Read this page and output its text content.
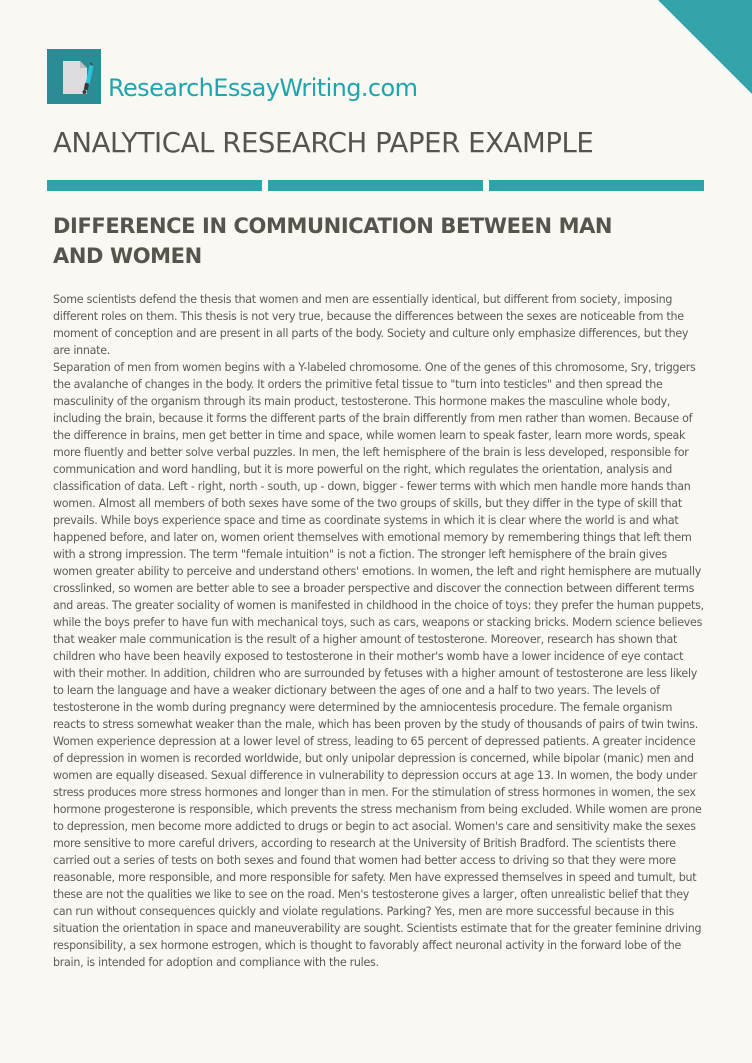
ResearchEssayWriting.com
ANALYTICAL RESEARCH PAPER EXAMPLE
DIFFERENCE IN COMMUNICATION BETWEEN MAN AND WOMEN

Some scientists defend the thesis that women and men are essentially identical, but different from society, imposing different roles on them. This thesis is not very true, because the differences between the sexes are noticeable from the moment of conception and are present in all parts of the body. Society and culture only emphasize differences, but they are innate.

Separation of men from women begins with a Y-labeled chromosome. One of the genes of this chromosome, Sry, triggers the avalanche of changes in the body. It orders the primitive fetal tissue to "turn into testicles" and then spread the masculinity of the organism through its main product, testosterone. This hormone makes the masculine whole body, including the brain, because it forms the different parts of the brain differently from men rather than women. Because of the difference in brains, men get better in time and space, while women learn to speak faster, learn more words, speak more fluently and better solve verbal puzzles. In men, the left hemisphere of the brain is less developed, responsible for communication and word handling, but it is more powerful on the right, which regulates the orientation, analysis and classification of data. Left - right, north - south, up - down, bigger - fewer terms with which men handle more hands than women. Almost all members of both sexes have some of the two groups of skills, but they differ in the type of skill that prevails. While boys experience space and time as coordinate systems in which it is clear where the world is and what happened before, and later on, women orient themselves with emotional memory by remembering things that left them with a strong impression. The term "female intuition" is not a fiction. The stronger left hemisphere of the brain gives women greater ability to perceive and understand others' emotions. In women, the left and right hemisphere are mutually crosslinked, so women are better able to see a broader perspective and discover the connection between different terms and areas. The greater sociality of women is manifested in childhood in the choice of toys: they prefer the human puppets, while the boys prefer to have fun with mechanical toys, such as cars, weapons or stacking bricks. Modern science believes that weaker male communication is the result of a higher amount of testosterone. Moreover, research has shown that children who have been heavily exposed to testosterone in their mother's womb have a lower incidence of eye contact with their mother. In addition, children who are surrounded by fetuses with a higher amount of testosterone are less likely to learn the language and have a weaker dictionary between the ages of one and a half to two years. The levels of testosterone in the womb during pregnancy were determined by the amniocentesis procedure. The female organism reacts to stress somewhat weaker than the male, which has been proven by the study of thousands of pairs of twin twins. Women experience depression at a lower level of stress, leading to 65 percent of depressed patients. A greater incidence of depression in women is recorded worldwide, but only unipolar depression is concerned, while bipolar (manic) men and women are equally diseased. Sexual difference in vulnerability to depression occurs at age 13. In women, the body under stress produces more stress hormones and longer than in men. For the stimulation of stress hormones in women, the sex hormone progesterone is responsible, which prevents the stress mechanism from being excluded. While women are prone to depression, men become more addicted to drugs or begin to act asocial. Women's care and sensitivity make the sexes more sensitive to more careful drivers, according to research at the University of British Bradford. The scientists there carried out a series of tests on both sexes and found that women had better access to driving so that they were more reasonable, more responsible, and more responsible for safety. Men have expressed themselves in speed and tumult, but these are not the qualities we like to see on the road. Men's testosterone gives a larger, often unrealistic belief that they can run without consequences quickly and violate regulations. Parking? Yes, men are more successful because in this situation the orientation in space and maneuverability are sought. Scientists estimate that for the greater feminine driving responsibility, a sex hormone estrogen, which is thought to favorably affect neuronal activity in the forward lobe of the brain, is intended for adoption and compliance with the rules.
